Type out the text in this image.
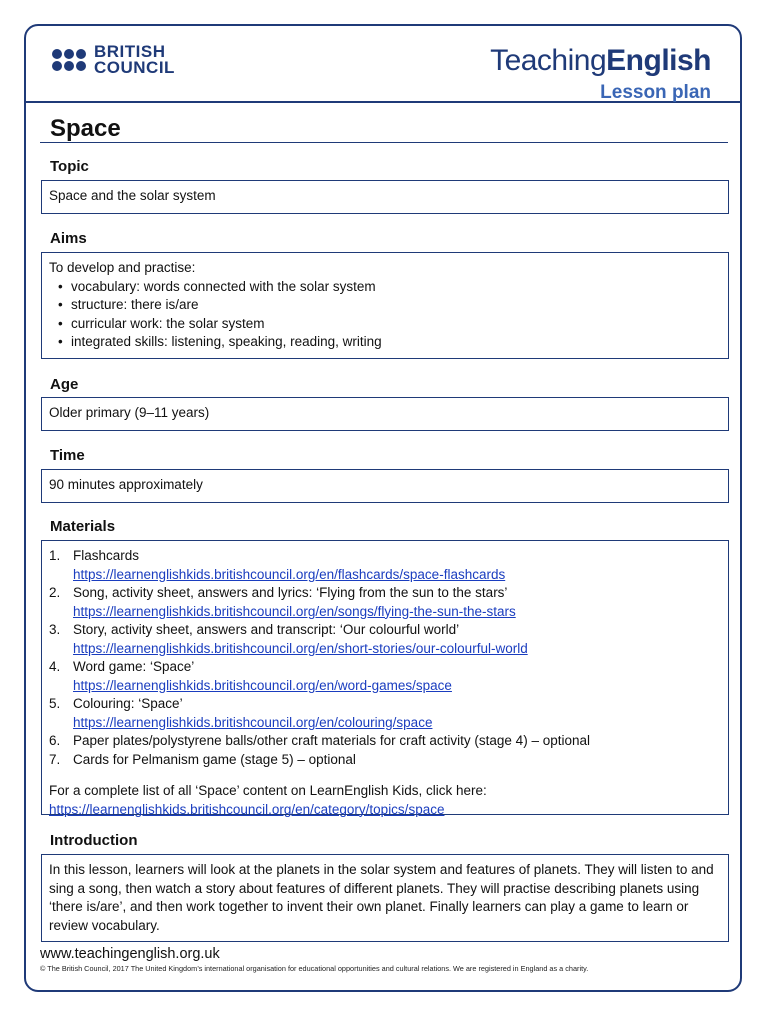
BRITISH
COUNCIL	TeachingEnglish
Lesson plan
Space
Topic
Space and the solar system
Aims
To develop and practise:
• vocabulary: words connected with the solar system
• structure: there is/are
• curricular work: the solar system
• integrated skills: listening, speaking, reading, writing
Age
Older primary (9–11 years)
Time
90 minutes approximately
Materials
1. Flashcards
https://learnenglishkids.britishcouncil.org/en/flashcards/space-flashcards
2. Song, activity sheet, answers and lyrics: ‘Flying from the sun to the stars’
https://learnenglishkids.britishcouncil.org/en/songs/flying-the-sun-the-stars
3. Story, activity sheet, answers and transcript: ‘Our colourful world’
https://learnenglishkids.britishcouncil.org/en/short-stories/our-colourful-world
4. Word game: ‘Space’
https://learnenglishkids.britishcouncil.org/en/word-games/space
5. Colouring: ‘Space’
https://learnenglishkids.britishcouncil.org/en/colouring/space
6. Paper plates/polystyrene balls/other craft materials for craft activity (stage 4) – optional
7. Cards for Pelmanism game (stage 5) – optional
For a complete list of all ‘Space’ content on LearnEnglish Kids, click here:
https://learnenglishkids.britishcouncil.org/en/category/topics/space
Introduction
In this lesson, learners will look at the planets in the solar system and features of planets. They will listen to and sing a song, then watch a story about features of different planets. They will practise describing planets using ‘there is/are’, and then work together to invent their own planet. Finally learners can play a game to learn or review vocabulary.
www.teachingenglish.org.uk
© The British Council, 2017 The United Kingdom’s international organisation for educational opportunities and cultural relations. We are registered in England as a charity.
